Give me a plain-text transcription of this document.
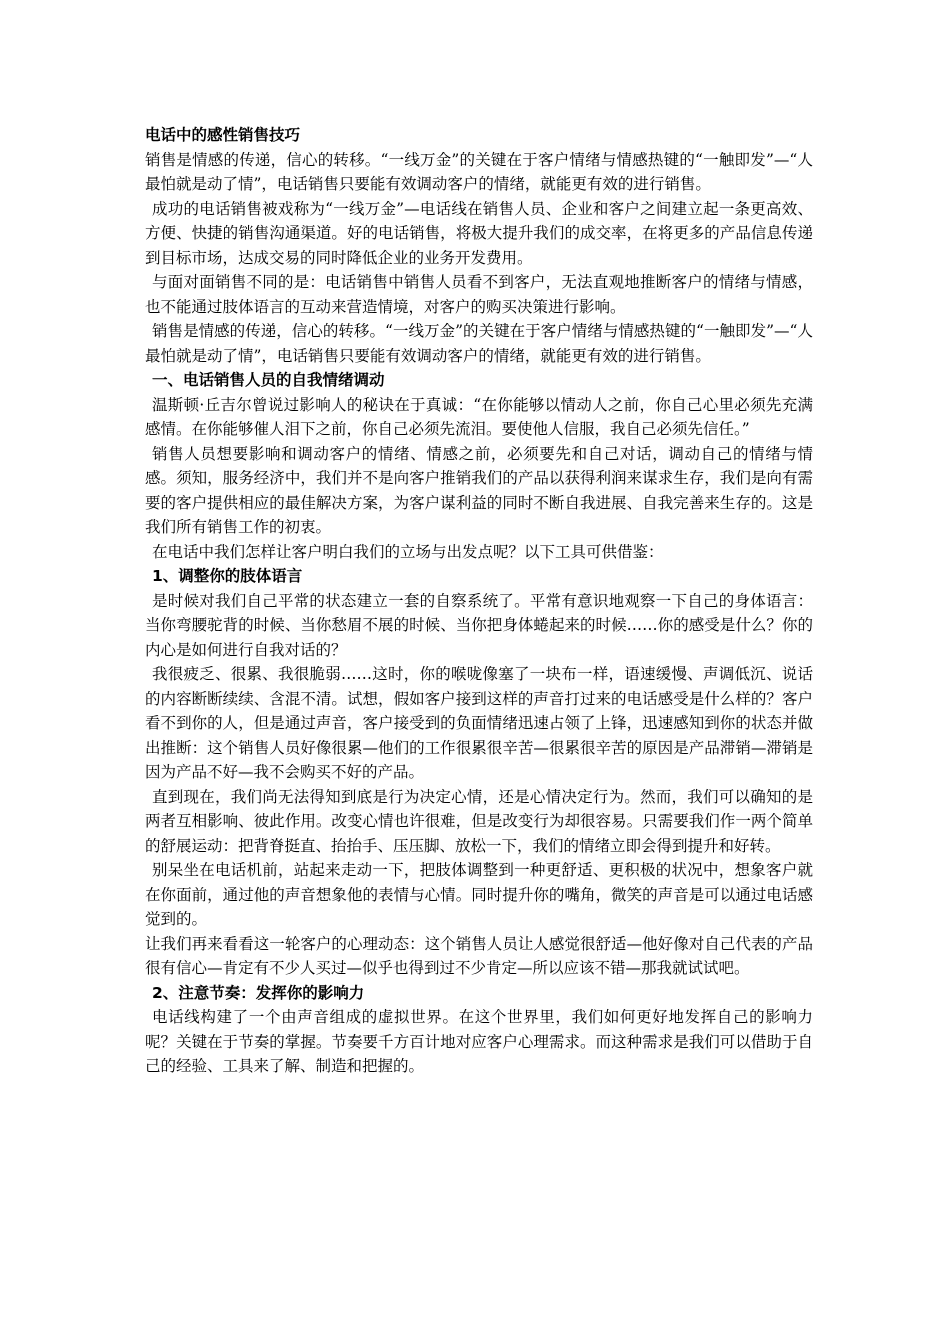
电话中的感性销售技巧

销售是情感的传递，信心的转移。“一线万金”的关键在于客户情绪与情感热键的“一触即发”—“人最怕就是动了情”，电话销售只要能有效调动客户的情绪，就能更有效的进行销售。

成功的电话销售被戏称为“一线万金”—电话线在销售人员、企业和客户之间建立起一条更高效、方便、快捷的销售沟通渠道。好的电话销售，将极大提升我们的成交率，在将更多的产品信息传递到目标市场，达成交易的同时降低企业的业务开发费用。

与面对面销售不同的是：电话销售中销售人员看不到客户，无法直观地推断客户的情绪与情感，也不能通过肢体语言的互动来营造情境，对客户的购买决策进行影响。

销售是情感的传递，信心的转移。“一线万金”的关键在于客户情绪与情感热键的“一触即发”—“人最怕就是动了情”，电话销售只要能有效调动客户的情绪，就能更有效的进行销售。

一、电话销售人员的自我情绪调动

温斯顿·丘吉尔曾说过影响人的秘诀在于真诚：“在你能够以情动人之前，你自己心里必须先充满感情。在你能够催人泪下之前，你自己必须先流泪。要使他人信服，我自己必须先信任。”

销售人员想要影响和调动客户的情绪、情感之前，必须要先和自己对话，调动自己的情绪与情感。须知，服务经济中，我们并不是向客户推销我们的产品以获得利润来谋求生存，我们是向有需要的客户提供相应的最佳解决方案，为客户谋利益的同时不断自我进展、自我完善来生存的。这是我们所有销售工作的初衷。

在电话中我们怎样让客户明白我们的立场与出发点呢？以下工具可供借鉴：

1、调整你的肢体语言

是时候对我们自己平常的状态建立一套的自察系统了。平常有意识地观察一下自己的身体语言：当你弯腰驼背的时候、当你愁眉不展的时候、当你把身体蜷起来的时候……你的感受是什么？你的内心是如何进行自我对话的？

我很疲乏、很累、我很脆弱……这时，你的喉咙像塞了一块布一样，语速缓慢、声调低沉、说话的内容断断续续、含混不清。试想，假如客户接到这样的声音打过来的电话感受是什么样的？客户看不到你的人，但是通过声音，客户接受到的负面情绪迅速占领了上锋，迅速感知到你的状态并做出推断：这个销售人员好像很累—他们的工作很累很辛苦—很累很辛苦的原因是产品滞销—滞销是因为产品不好—我不会购买不好的产品。

直到现在，我们尚无法得知到底是行为决定心情，还是心情决定行为。然而，我们可以确知的是两者互相影响、彼此作用。改变心情也许很难，但是改变行为却很容易。只需要我们作一两个简单的舒展运动：把背脊挺直、抬抬手、压压脚、放松一下，我们的情绪立即会得到提升和好转。

别呆坐在电话机前，站起来走动一下，把肢体调整到一种更舒适、更积极的状况中，想象客户就在你面前，通过他的声音想象他的表情与心情。同时提升你的嘴角，微笑的声音是可以通过电话感觉到的。

让我们再来看看这一轮客户的心理动态：这个销售人员让人感觉很舒适—他好像对自己代表的产品很有信心—肯定有不少人买过—似乎也得到过不少肯定—所以应该不错—那我就试试吧。

2、注意节奏：发挥你的影响力

电话线构建了一个由声音组成的虚拟世界。在这个世界里，我们如何更好地发挥自己的影响力呢？关键在于节奏的掌握。节奏要千方百计地对应客户心理需求。而这种需求是我们可以借助于自己的经验、工具来了解、制造和把握的。
